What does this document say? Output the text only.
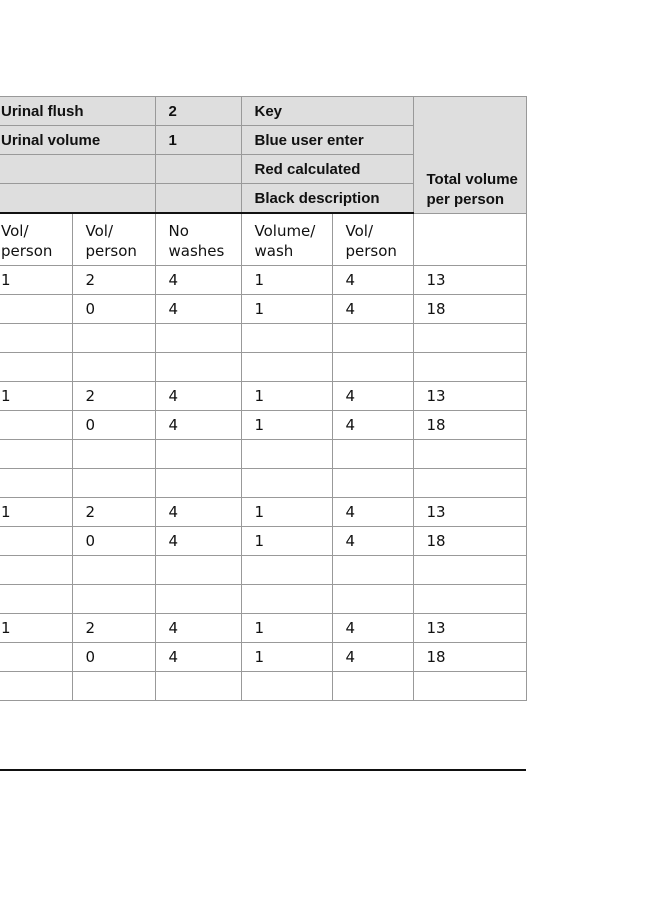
Urinal flush		2	Key		Total volume per person
Urinal volume		1	Blue user enter		
			Red calculated		
			Black description		
Vol/ person	Vol/ person	No washes	Volume/ wash	Vol/ person	
1	2	4	1	4	13
	0	4	1	4	18

1	2	4	1	4	13
	0	4	1	4	18

1	2	4	1	4	13
	0	4	1	4	18

1	2	4	1	4	13
	0	4	1	4	18
